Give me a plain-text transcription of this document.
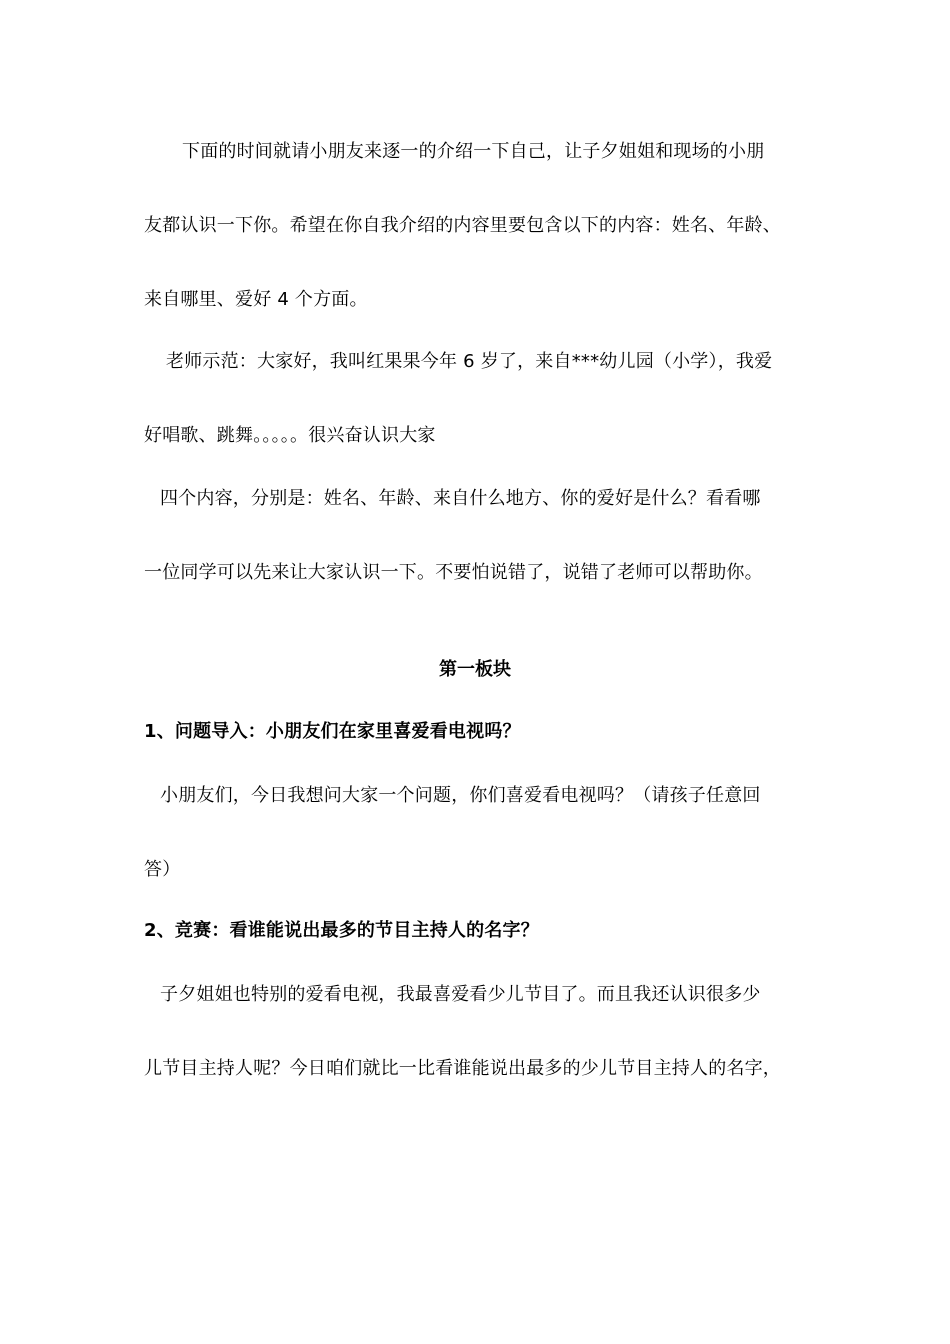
下面的时间就请小朋友来逐一的介绍一下自己，让子夕姐姐和现场的小朋
友都认识一下你。希望在你自我介绍的内容里要包含以下的内容：姓名、年龄、
来自哪里、爱好 4 个方面。
老师示范：大家好，我叫红果果今年 6 岁了，来自***幼儿园（小学），我爱
好唱歌、跳舞。。。。。很兴奋认识大家
四个内容，分别是：姓名、年龄、来自什么地方、你的爱好是什么？看看哪
一位同学可以先来让大家认识一下。不要怕说错了，说错了老师可以帮助你。
第一板块
1、问题导入：小朋友们在家里喜爱看电视吗？
小朋友们，今日我想问大家一个问题，你们喜爱看电视吗？（请孩子任意回
答）
2、竞赛：看谁能说出最多的节目主持人的名字？
子夕姐姐也特别的爱看电视，我最喜爱看少儿节目了。而且我还认识很多少
儿节目主持人呢？今日咱们就比一比看谁能说出最多的少儿节目主持人的名字，
